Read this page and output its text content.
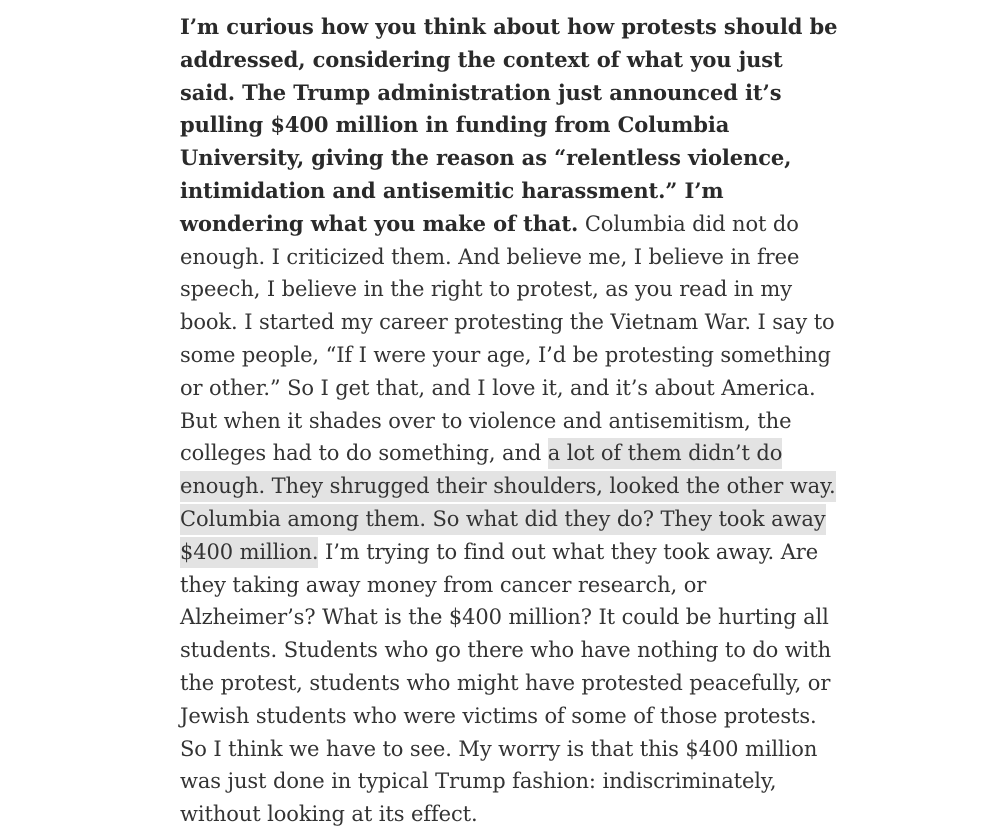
I’m curious how you think about how protests should be addressed, considering the context of what you just said. The Trump administration just announced it’s pulling $400 million in funding from Columbia University, giving the reason as “relentless violence, intimidation and antisemitic harassment.” I’m wondering what you make of that. Columbia did not do enough. I criticized them. And believe me, I believe in free speech, I believe in the right to protest, as you read in my book. I started my career protesting the Vietnam War. I say to some people, “If I were your age, I’d be protesting something or other.” So I get that, and I love it, and it’s about America. But when it shades over to violence and antisemitism, the colleges had to do something, and a lot of them didn’t do enough. They shrugged their shoulders, looked the other way. Columbia among them. So what did they do? They took away $400 million. I’m trying to find out what they took away. Are they taking away money from cancer research, or Alzheimer’s? What is the $400 million? It could be hurting all students. Students who go there who have nothing to do with the protest, students who might have protested peacefully, or Jewish students who were victims of some of those protests. So I think we have to see. My worry is that this $400 million was just done in typical Trump fashion: indiscriminately, without looking at its effect.
